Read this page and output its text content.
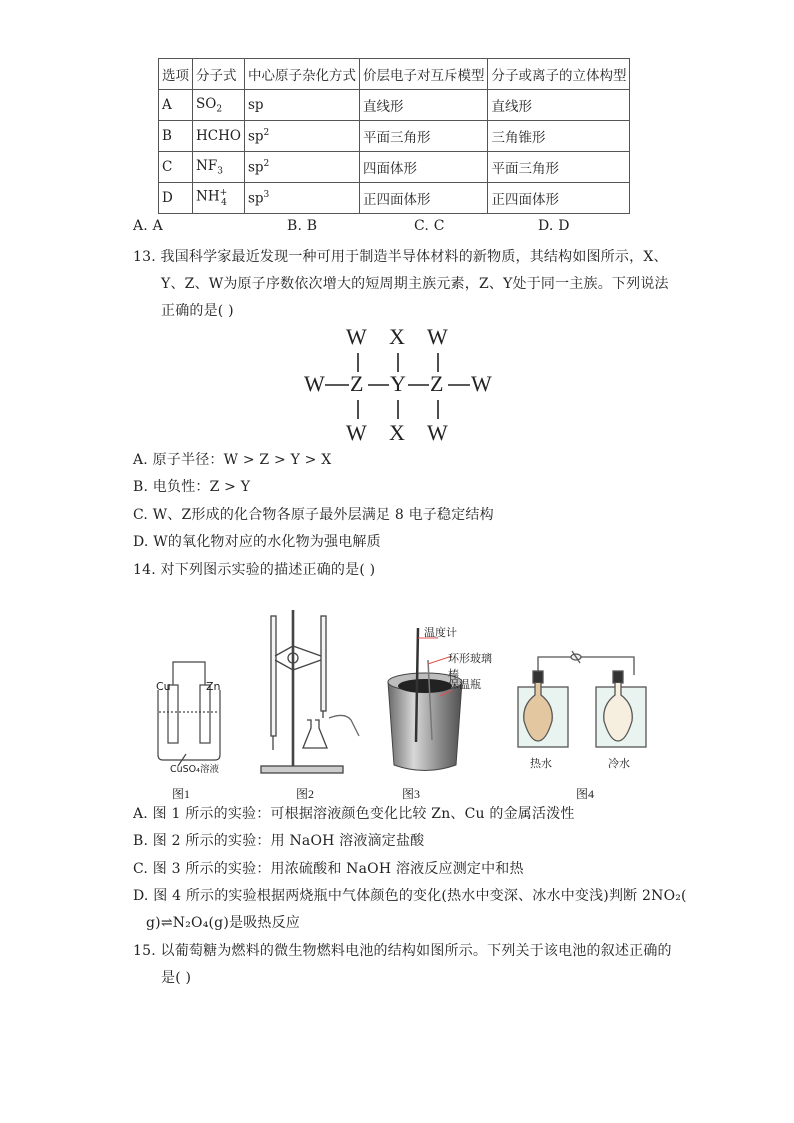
选项	分子式	中心原子杂化方式	价层电子对互斥模型	分子或离子的立体构型
A	$SO_2$	sp	直线形	直线形
B	HCHO	$sp^2$	平面三角形	三角锥形
C	$NF_3$	$sp^2$	四面体形	平面三角形
D	$NH^+_4$	$sp^3$	正四面体形	正四面体形
A. A	B. B	C. C	D. D
13. 我国科学家最近发现一种可用于制造半导体材料的新物质，其结构如图所示，X、
Y、Z、W为原子序数依次增大的短周期主族元素，Z、Y处于同一主族。下列说法
正确的是( )
W X W
W Z Y Z W
W X W
A. 原子半径：W > Z > Y > X
B. 电负性：Z > Y
C. W、Z形成的化合物各原子最外层满足 8 电子稳定结构
D. W的氧化物对应的水化物为强电解质
14. 对下列图示实验的描述正确的是( )
Cu	Zn
CuSO₄溶液
图1	图2
温度计
环形玻璃棒
保温瓶
图3
热水	冷水
图4
A. 图 1 所示的实验：可根据溶液颜色变化比较 Zn、Cu 的金属活泼性
B. 图 2 所示的实验：用 NaOH 溶液滴定盐酸
C. 图 3 所示的实验：用浓硫酸和 NaOH 溶液反应测定中和热
D. 图 4 所示的实验根据两烧瓶中气体颜色的变化(热水中变深、冰水中变浅)判断 2NO₂(
g)⇌N₂O₄(g)是吸热反应
15. 以葡萄糖为燃料的微生物燃料电池的结构如图所示。下列关于该电池的叙述正确的
是( )
